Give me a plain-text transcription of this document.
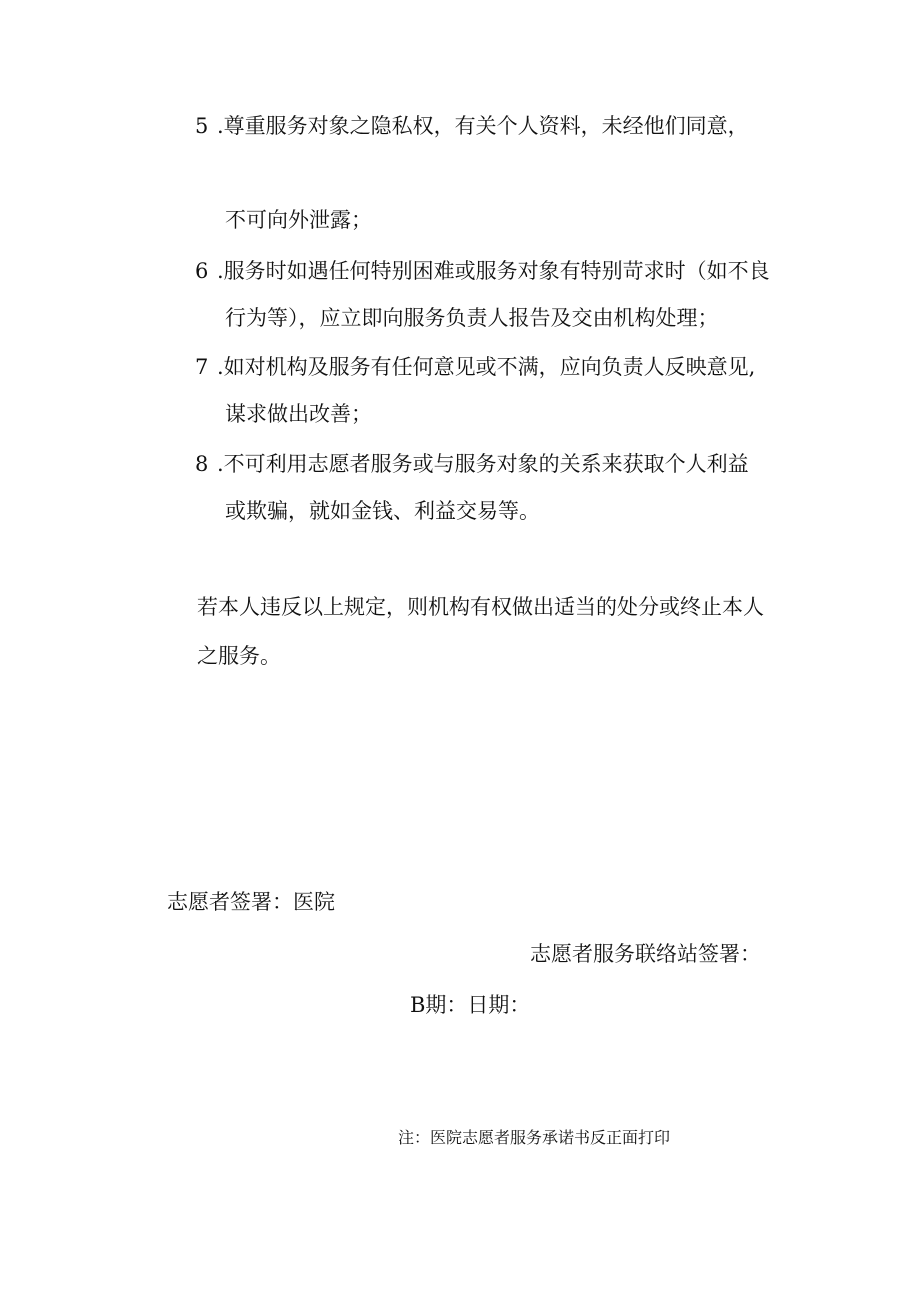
5 .尊重服务对象之隐私权，有关个人资料，未经他们同意，
不可向外泄露；
6 .服务时如遇任何特别困难或服务对象有特别苛求时（如不良
行为等），应立即向服务负责人报告及交由机构处理；
7 .如对机构及服务有任何意见或不满，应向负责人反映意见,
谋求做出改善；
8 .不可利用志愿者服务或与服务对象的关系来获取个人利益
或欺骗，就如金钱、利益交易等。
若本人违反以上规定，则机构有权做出适当的处分或终止本人
之服务。
志愿者签署：医院
志愿者服务联络站签署：
B期：日期：
注：医院志愿者服务承诺书反正面打印
